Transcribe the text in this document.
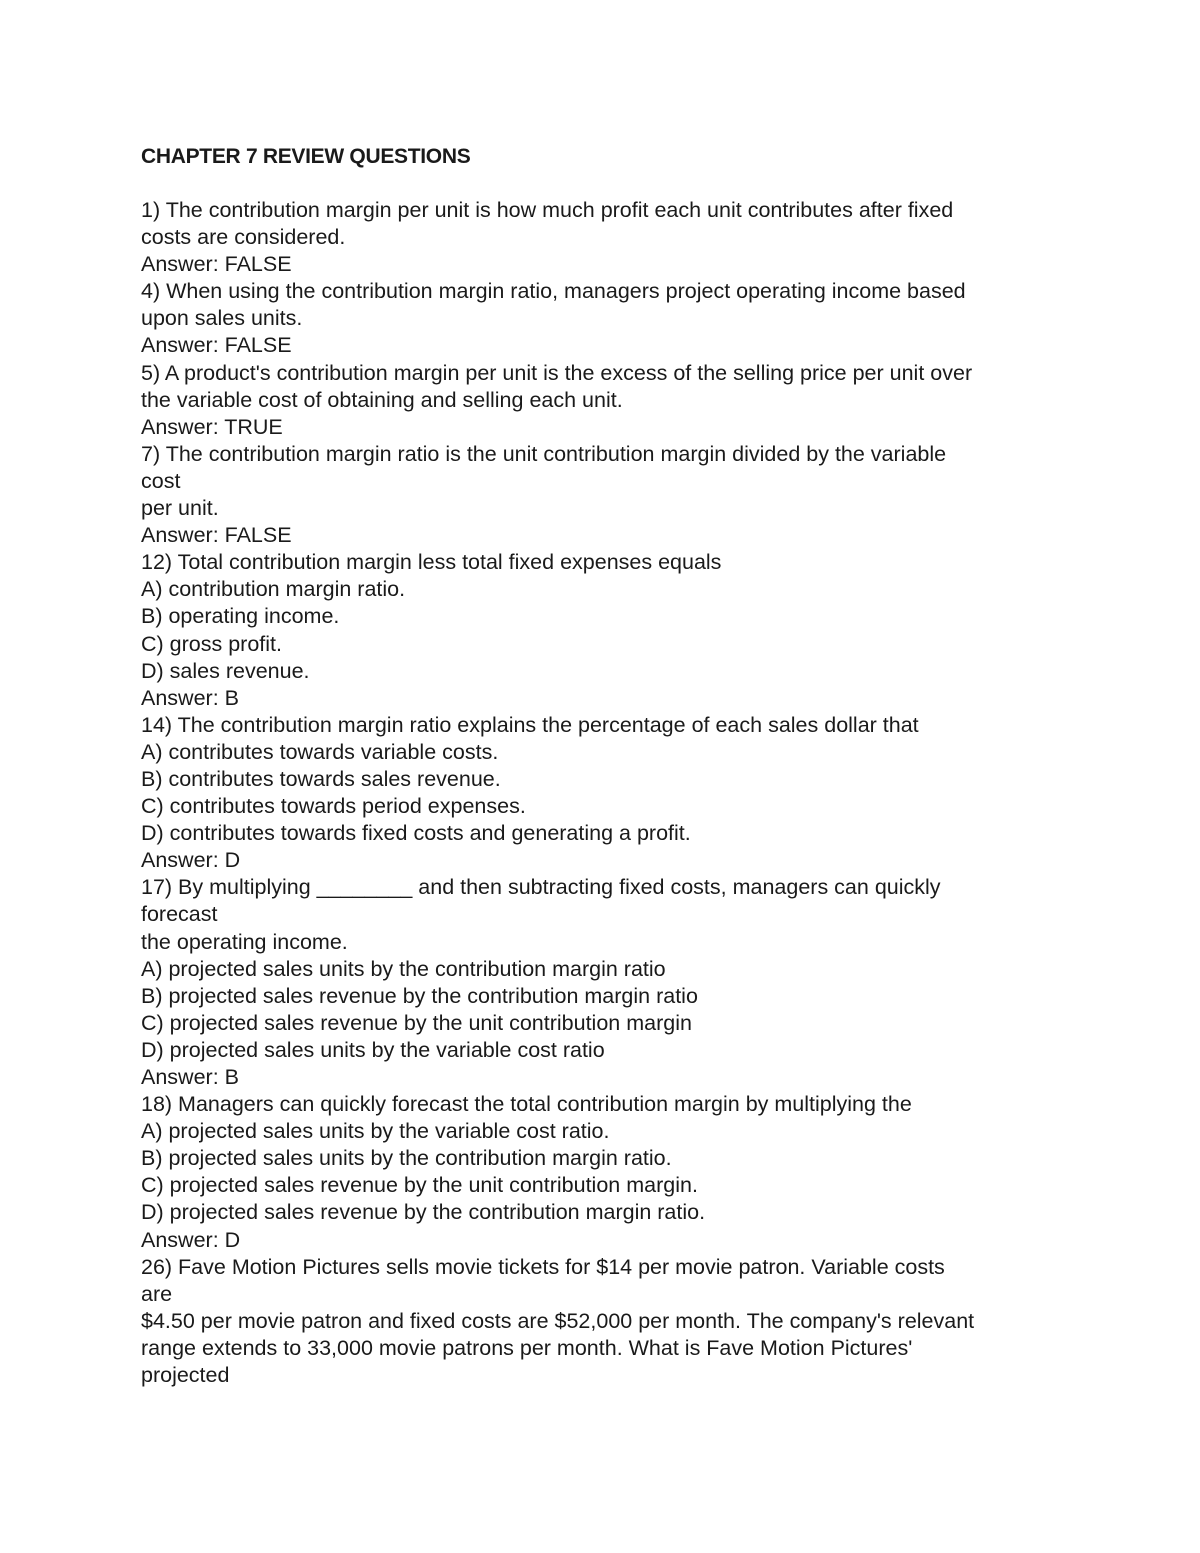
CHAPTER 7 REVIEW QUESTIONS
1) The contribution margin per unit is how much profit each unit contributes after fixed
costs are considered.
Answer: FALSE
4) When using the contribution margin ratio, managers project operating income based
upon sales units.
Answer: FALSE
5) A product's contribution margin per unit is the excess of the selling price per unit over
the variable cost of obtaining and selling each unit.
Answer: TRUE
7) The contribution margin ratio is the unit contribution margin divided by the variable
cost
per unit.
Answer: FALSE
12) Total contribution margin less total fixed expenses equals
A) contribution margin ratio.
B) operating income.
C) gross profit.
D) sales revenue.
Answer: B
14) The contribution margin ratio explains the percentage of each sales dollar that
A) contributes towards variable costs.
B) contributes towards sales revenue.
C) contributes towards period expenses.
D) contributes towards fixed costs and generating a profit.
Answer: D
17) By multiplying ________ and then subtracting fixed costs, managers can quickly
forecast
the operating income.
A) projected sales units by the contribution margin ratio
B) projected sales revenue by the contribution margin ratio
C) projected sales revenue by the unit contribution margin
D) projected sales units by the variable cost ratio
Answer: B
18) Managers can quickly forecast the total contribution margin by multiplying the
A) projected sales units by the variable cost ratio.
B) projected sales units by the contribution margin ratio.
C) projected sales revenue by the unit contribution margin.
D) projected sales revenue by the contribution margin ratio.
Answer: D
26) Fave Motion Pictures sells movie tickets for $14 per movie patron. Variable costs
are
$4.50 per movie patron and fixed costs are $52,000 per month. The company's relevant
range extends to 33,000 movie patrons per month. What is Fave Motion Pictures'
projected
